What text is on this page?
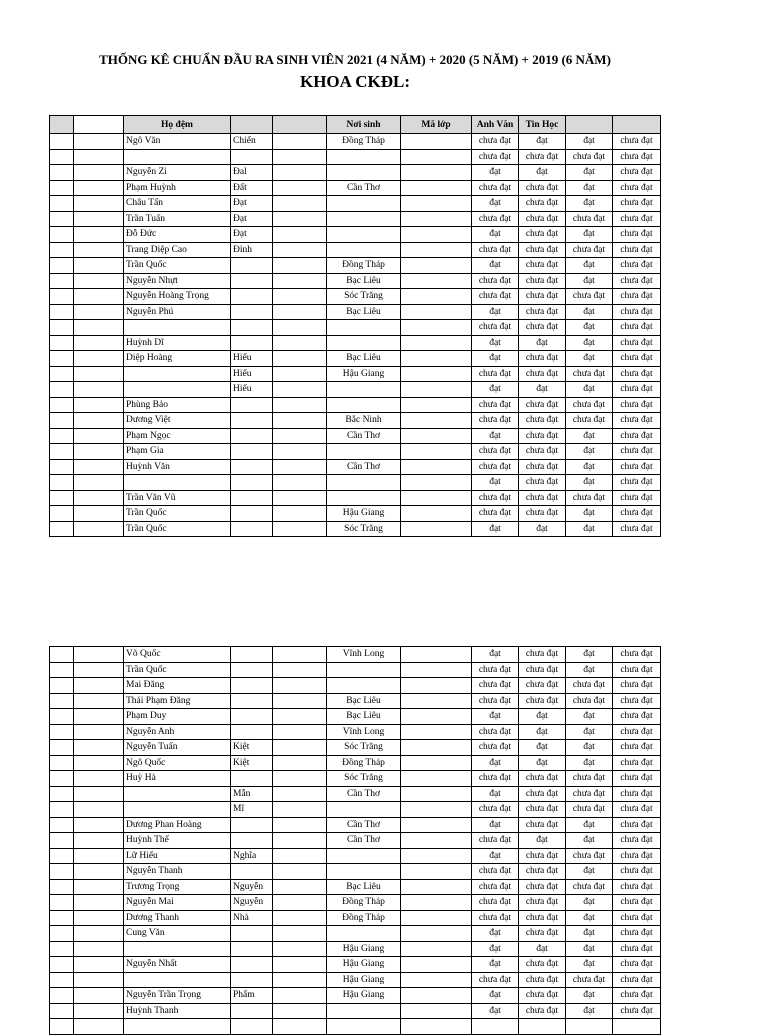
THỐNG KÊ CHUẨN ĐẦU RA SINH VIÊN 2021 (4 NĂM) + 2020 (5 NĂM) + 2019 (6 NĂM)
KHOA CKĐL:
		Họ đệm			Nơi sinh	Mã lớp	Anh Văn	Tin Học		
		Ngô Văn	Chiến		Đồng Tháp		chưa đạt	đạt	đạt	chưa đạt
							chưa đạt	chưa đạt	chưa đạt	chưa đạt
		Nguyễn Zi	Đal				đạt	đạt	đạt	chưa đạt
		Phạm Huỳnh	Đất		Cần Thơ		chưa đạt	chưa đạt	đạt	chưa đạt
		Châu Tấn	Đạt				đạt	chưa đạt	đạt	chưa đạt
		Trần Tuấn	Đạt				chưa đạt	chưa đạt	chưa đạt	chưa đạt
		Đỗ Đức	Đạt				đạt	chưa đạt	đạt	chưa đạt
		Trang Diệp Cao	Đỉnh				chưa đạt	chưa đạt	chưa đạt	chưa đạt
		Trần Quốc			Đồng Tháp		đạt	chưa đạt	đạt	chưa đạt
		Nguyễn Nhựt			Bạc Liêu		chưa đạt	chưa đạt	đạt	chưa đạt
		Nguyễn Hoàng Trọng			Sóc Trăng		chưa đạt	chưa đạt	chưa đạt	chưa đạt
		Nguyễn Phú			Bạc Liêu		đạt	chưa đạt	đạt	chưa đạt
							chưa đạt	chưa đạt	đạt	chưa đạt
		Huỳnh Dĩ					đạt	đạt	đạt	chưa đạt
		Diệp Hoàng	Hiếu		Bạc Liêu		đạt	chưa đạt	đạt	chưa đạt
			Hiếu		Hậu Giang		chưa đạt	chưa đạt	chưa đạt	chưa đạt
			Hiếu				đạt	đạt	đạt	chưa đạt
		Phùng Bảo					chưa đạt	chưa đạt	chưa đạt	chưa đạt
		Dương Việt			Bắc Ninh		chưa đạt	chưa đạt	chưa đạt	chưa đạt
		Phạm Ngọc			Cần Thơ		đạt	chưa đạt	đạt	chưa đạt
		Phạm Gia					chưa đạt	chưa đạt	đạt	chưa đạt
		Huỳnh Văn			Cần Thơ		chưa đạt	chưa đạt	đạt	chưa đạt
							đạt	chưa đạt	đạt	chưa đạt
		Trần Văn Vũ					chưa đạt	chưa đạt	chưa đạt	chưa đạt
		Trần Quốc			Hậu Giang		chưa đạt	chưa đạt	đạt	chưa đạt
		Trần Quốc			Sóc Trăng		đạt	đạt	đạt	chưa đạt
		Võ Quốc			Vĩnh Long		đạt	chưa đạt	đạt	chưa đạt
		Trần Quốc					chưa đạt	chưa đạt	đạt	chưa đạt
		Mai Đăng					chưa đạt	chưa đạt	chưa đạt	chưa đạt
		Thái Phạm Đăng			Bạc Liêu		chưa đạt	chưa đạt	chưa đạt	chưa đạt
		Phạm Duy			Bạc Liêu		đạt	đạt	đạt	chưa đạt
		Nguyễn Anh			Vĩnh Long		chưa đạt	đạt	đạt	chưa đạt
		Nguyễn Tuấn	Kiệt		Sóc Trăng		chưa đạt	đạt	đạt	chưa đạt
		Ngô Quốc	Kiệt		Đồng Tháp		đạt	đạt	đạt	chưa đạt
		Huỳ Hà			Sóc Trăng		chưa đạt	chưa đạt	chưa đạt	chưa đạt
			Mẫn		Cần Thơ		đạt	chưa đạt	chưa đạt	chưa đạt
			Mĩ				chưa đạt	chưa đạt	chưa đạt	chưa đạt
		Dương Phan Hoàng			Cần Thơ		đạt	chưa đạt	đạt	chưa đạt
		Huỳnh Thế			Cần Thơ		chưa đạt	đạt	đạt	chưa đạt
		Lữ Hiếu	Nghĩa				đạt	chưa đạt	chưa đạt	chưa đạt
		Nguyễn Thanh					chưa đạt	chưa đạt	đạt	chưa đạt
		Trương Trọng	Nguyễn		Bạc Liêu		chưa đạt	chưa đạt	chưa đạt	chưa đạt
		Nguyễn Mai	Nguyễn		Đồng Tháp		chưa đạt	chưa đạt	đạt	chưa đạt
		Dương Thanh	Nhà		Đồng Tháp		chưa đạt	chưa đạt	đạt	chưa đạt
		Cung Văn					đạt	chưa đạt	đạt	chưa đạt
					Hậu Giang		đạt	đạt	đạt	chưa đạt
		Nguyễn Nhất			Hậu Giang		đạt	chưa đạt	đạt	chưa đạt
					Hậu Giang		chưa đạt	chưa đạt	chưa đạt	chưa đạt
		Nguyễn Trần Trọng	Phẩm		Hậu Giang		đạt	chưa đạt	đạt	chưa đạt
		Huỳnh Thanh					đạt	chưa đạt	đạt	chưa đạt
